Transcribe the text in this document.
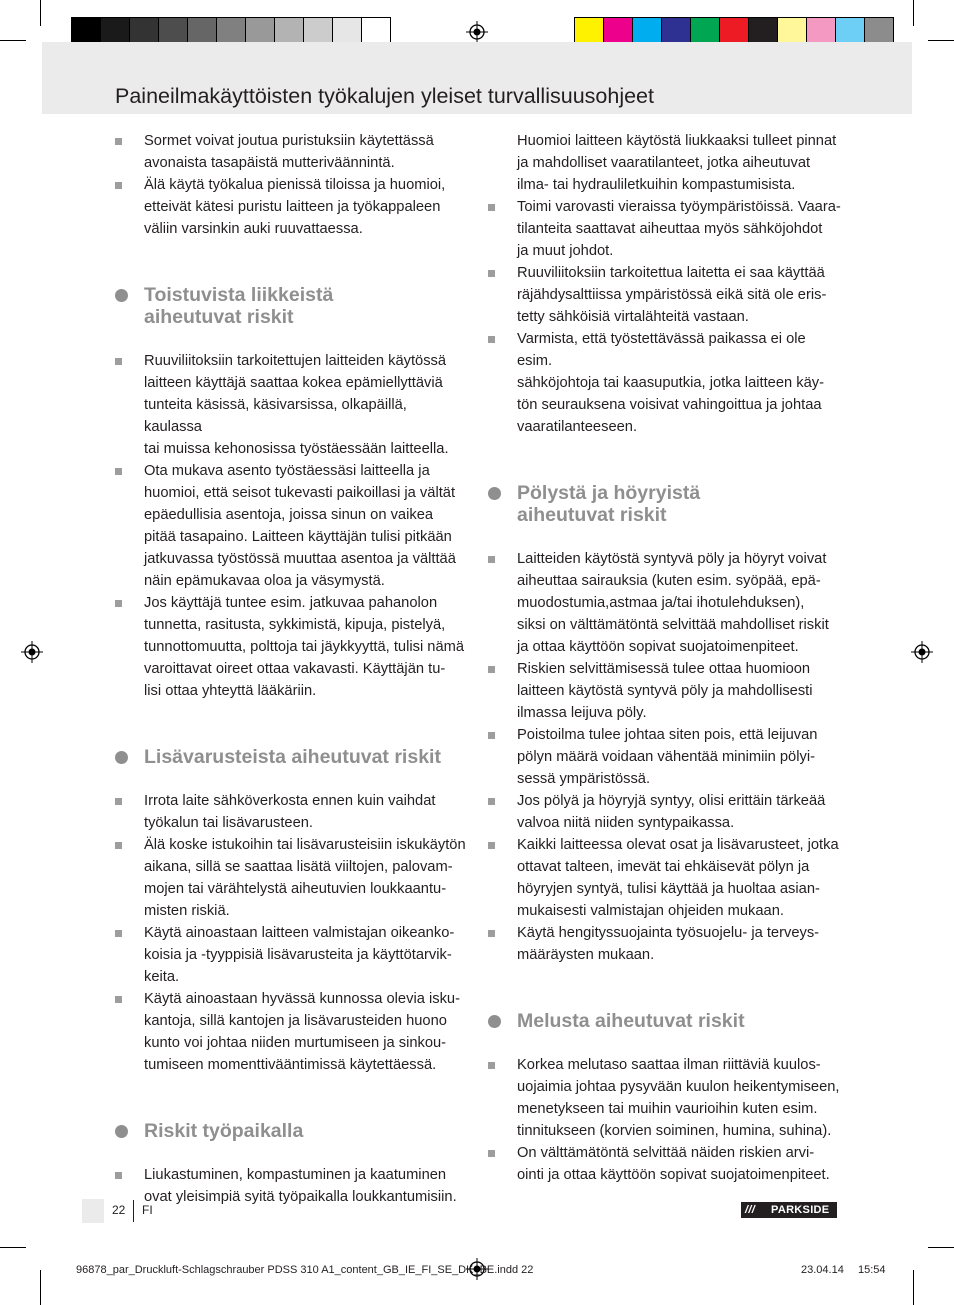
Paineilmakäyttöisten työkalujen yleiset turvallisuusohjeet
Sormet voivat joutua puristuksiin käytettässä
avonaista tasapäistä mutteriväännintä.
Älä käytä työkalua pienissä tiloissa ja huomioi,
etteivät kätesi puristu laitteen ja työkappaleen
väliin varsinkin auki ruuvattaessa.
Toistuvista liikkeistä
aiheutuvat riskit
Ruuviliitoksiin tarkoitettujen laitteiden käytössä
laitteen käyttäjä saattaa kokea epämiellyttäviä
tunteita käsissä, käsivarsissa, olkapäillä, kaulassa
tai muissa kehonosissa työstäessään laitteella.
Ota mukava asento työstäessäsi laitteella ja
huomioi, että seisot tukevasti paikoillasi ja vältät
epäedullisia asentoja, joissa sinun on vaikea
pitää tasapaino. Laitteen käyttäjän tulisi pitkään
jatkuvassa työstössä muuttaa asentoa ja välttää
näin epämukavaa oloa ja väsymystä.
Jos käyttäjä tuntee esim. jatkuvaa pahanolon
tunnetta, rasitusta, sykkimistä, kipuja, pistelyä,
tunnottomuutta, polttoja tai jäykkyyttä, tulisi nämä
varoittavat oireet ottaa vakavasti. Käyttäjän tu-
lisi ottaa yhteyttä lääkäriin.
Lisävarusteista aiheutuvat riskit
Irrota laite sähköverkosta ennen kuin vaihdat
työkalun tai lisävarusteen.
Älä koske istukoihin tai lisävarusteisiin iskukäytön
aikana, sillä se saattaa lisätä viiltojen, palovam-
mojen tai värähtelystä aiheutuvien loukkaantu-
misten riskiä.
Käytä ainoastaan laitteen valmistajan oikeanko-
koisia ja -tyyppisiä lisävarusteita ja käyttötarvik-
keita.
Käytä ainoastaan hyvässä kunnossa olevia isku-
kantoja, sillä kantojen ja lisävarusteiden huono
kunto voi johtaa niiden murtumiseen ja sinkou-
tumiseen momenttivääntimissä käytettäessä.
Riskit työpaikalla
Liukastuminen, kompastuminen ja kaatuminen
ovat yleisimpiä syitä työpaikalla loukkantumisiin.
Huomioi laitteen käytöstä liukkaaksi tulleet pinnat
ja mahdolliset vaaratilanteet, jotka aiheutuvat
ilma- tai hydrauliletkuihin kompastumisista.
Toimi varovasti vieraissa työympäristöissä. Vaara-
tilanteita saattavat aiheuttaa myös sähköjohdot
ja muut johdot.
Ruuviliitoksiin tarkoitettua laitetta ei saa käyttää
räjähdysalttiissa ympäristössä eikä sitä ole eris-
tetty sähköisiä virtalähteitä vastaan.
Varmista, että työstettävässä paikassa ei ole esim.
sähköjohtoja tai kaasuputkia, jotka laitteen käy-
tön seurauksena voisivat vahingoittua ja johtaa
vaaratilanteeseen.
Pölystä ja höyryistä
aiheutuvat riskit
Laitteiden käytöstä syntyvä pöly ja höyryt voivat
aiheuttaa sairauksia (kuten esim. syöpää, epä-
muodostumia,astmaa ja/tai ihotulehduksen),
siksi on välttämätöntä selvittää mahdolliset riskit
ja ottaa käyttöön sopivat suojatoimenpiteet.
Riskien selvittämisessä tulee ottaa huomioon
laitteen käytöstä syntyvä pöly ja mahdollisesti
ilmassa leijuva pöly.
Poistoilma tulee johtaa siten pois, että leijuvan
pölyn määrä voidaan vähentää minimiin pölyi-
sessä ympäristössä.
Jos pölyä ja höyryjä syntyy, olisi erittäin tärkeää
valvoa niitä niiden syntypaikassa.
Kaikki laitteessa olevat osat ja lisävarusteet, jotka
ottavat talteen, imevät tai ehkäisevät pölyn ja
höyryjen syntyä, tulisi käyttää ja huoltaa asian-
mukaisesti valmistajan ohjeiden mukaan.
Käytä hengityssuojainta työsuojelu- ja terveys-
määräysten mukaan.
Melusta aiheutuvat riskit
Korkea melutaso saattaa ilman riittäviä kuulos-
uojaimia johtaa pysyvään kuulon heikentymiseen,
menetykseen tai muihin vaurioihin kuten esim.
tinnitukseen (korvien soiminen, humina, suhina).
On välttämätöntä selvittää näiden riskien arvi-
ointi ja ottaa käyttöön sopivat suojatoimenpiteet.
22 FI	/// PARKSIDE
96878_par_Druckluft-Schlagschrauber PDSS 310 A1_content_GB_IE_FI_SE_DK_BE.indd 22	23.04.14 15:54
